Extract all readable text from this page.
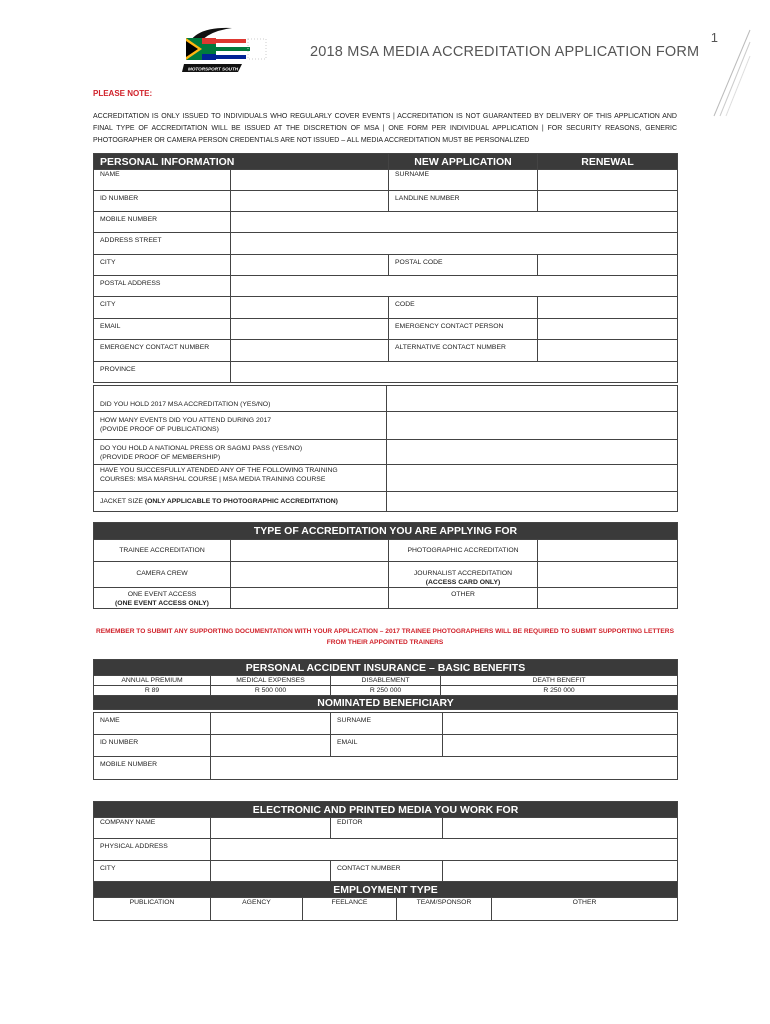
1
MOTORSPORT SOUTH AFRICA
2018 MSA MEDIA ACCREDITATION APPLICATION FORM
PLEASE NOTE:
ACCREDITATION IS ONLY ISSUED TO INDIVIDUALS WHO REGULARLY COVER EVENTS | ACCREDITATION IS NOT GUARANTEED BY DELIVERY OF THIS APPLICATION AND FINAL TYPE OF ACCREDITATION WILL BE ISSUED AT THE DISCRETION OF MSA | ONE FORM PER INDIVIDUAL APPLICATION | FOR SECURITY REASONS, GENERIC PHOTOGRAPHER OR CAMERA PERSON CREDENTIALS ARE NOT ISSUED – ALL MEDIA ACCREDITATION MUST BE PERSONALIZED
PERSONAL INFORMATION		NEW APPLICATION	RENEWAL
NAME		SURNAME	
ID NUMBER		LANDLINE NUMBER	
MOBILE NUMBER			
ADDRESS STREET			
CITY		POSTAL CODE	
POSTAL ADDRESS			
CITY		CODE	
EMAIL		EMERGENCY CONTACT PERSON	
EMERGENCY CONTACT NUMBER		ALTERNATIVE CONTACT NUMBER	
PROVINCE			
DID YOU HOLD 2017 MSA ACCREDITATION (YES/NO)	

HOW MANY EVENTS DID YOU ATTEND DURING 2017
(POVIDE PROOF OF PUBLICATIONS)	

DO YOU HOLD A NATIONAL PRESS OR SAGMJ PASS (YES/NO)
(PROVIDE PROOF OF MEMBERSHIP)	

HAVE YOU SUCCESFULLY ATENDED ANY OF THE FOLLOWING TRAINING
COURSES: MSA MARSHAL COURSE | MSA MEDIA TRAINING COURSE	

JACKET SIZE (ONLY APPLICABLE TO PHOTOGRAPHIC ACCREDITATION)	
TYPE OF ACCREDITATION YOU ARE APPLYING FOR			
TRAINEE ACCREDITATION		PHOTOGRAPHIC ACCREDITATION	
CAMERA CREW		JOURNALIST ACCREDITATION
(ACCESS CARD ONLY)	

ONE EVENT ACCESS
(ONE EVENT ACCESS ONLY)		OTHER	
REMEMBER TO SUBMIT ANY SUPPORTING DOCUMENTATION WITH YOUR APPLICATION – 2017 TRAINEE PHOTOGRAPHERS WILL BE REQUIRED TO SUBMIT SUPPORTING LETTERS FROM THEIR APPOINTED TRAINERS
PERSONAL ACCIDENT INSURANCE – BASIC BENEFITS			
ANNUAL PREMIUM	MEDICAL EXPENSES	DISABLEMENT	DEATH BENEFIT
R 89	R 500 000	R 250 000	R 250 000
NOMINATED BENEFICIARY			
NAME		SURNAME	
ID NUMBER		EMAIL	
MOBILE NUMBER			
ELECTRONIC AND PRINTED MEDIA YOU WORK FOR			
COMPANY NAME		EDITOR	
PHYSICAL ADDRESS			
CITY		CONTACT NUMBER	
EMPLOYMENT TYPE
PUBLICATION	AGENCY	FEELANCE	TEAM/SPONSOR	OTHER
